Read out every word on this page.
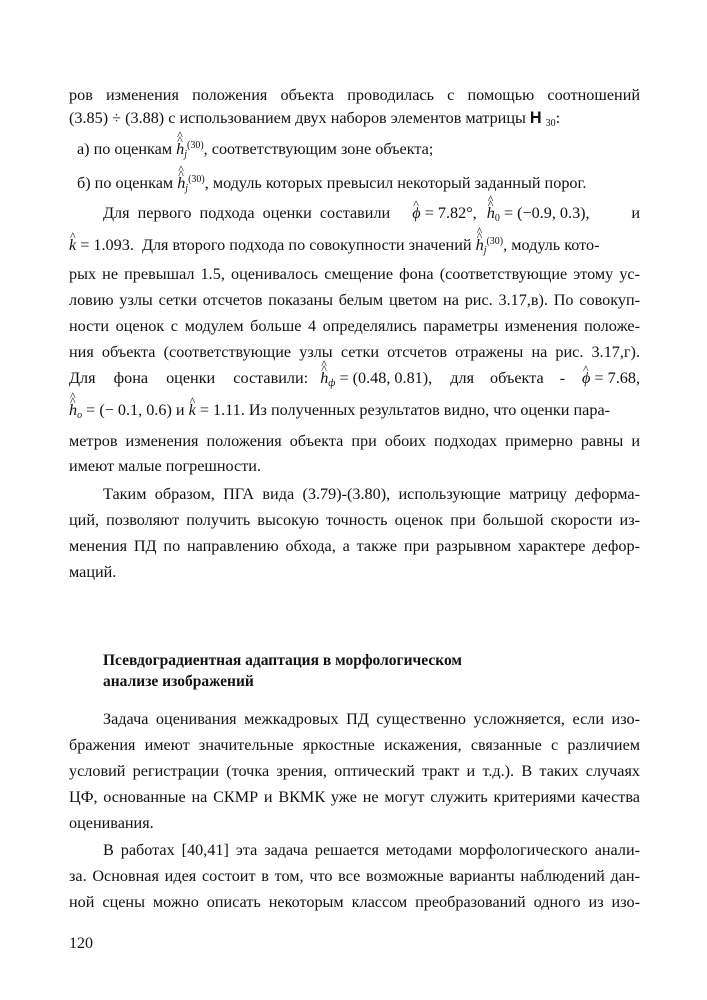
ров изменения положения объекта проводилась с помощью соотношений
(3.85) ÷ (3.88) с использованием двух наборов элементов матрицы H $_{30}$:
а) по оценкам ^ h $\^{}_j^{(30)}$, соответствующим зоне объекта;
б) по оценкам ^ h $\^{}_j^{(30)}$, модуль которых превысил некоторый заданный порог.
Для первого подхода оценки составили ^ ϕ = 7.82°, ^ h $\^{}_0 = (-0.9$, 0.3),	и
^ k = 1.093. Для второго подхода по совокупности значений ^ h $\^{}_j^{(30)}$, модуль кото-
рых не превышал 1.5, оценивалось смещение фона (соответствующие этому ус-
ловию узлы сетки отсчетов показаны белым цветом на рис. 3.17,в). По совокуп-
ности оценок с модулем больше 4 определялись параметры изменения положе-
ния объекта (соответствующие узлы сетки отсчетов отражены на рис. 3.17,г).
Для фона оценки составили: ^ h $\^{}_ф = (0.48$, 0.81), для объекта - ^ ϕ = 7.68,
^ h $\^{}_о$ = (− 0.1, 0.6) и ^ k = 1.11. Из полученных результатов видно, что оценки пара-
метров изменения положения объекта при обоих подходах примерно равны и
имеют малые погрешности.
Таким образом, ПГА вида (3.79)-(3.80), использующие матрицу деформа-
ций, позволяют получить высокую точность оценок при большой скорости из-
менения ПД по направлению обхода, а также при разрывном характере дефор-
маций.
Псевдоградиентная адаптация в морфологическом
анализе изображений
Задача оценивания межкадровых ПД существенно усложняется, если изо-
бражения имеют значительные яркостные искажения, связанные с различием
условий регистрации (точка зрения, оптический тракт и т.д.). В таких случаях
ЦФ, основанные на СКМР и ВКМК уже не могут служить критериями качества
оценивания.
В работах [40,41] эта задача решается методами морфологического анали-
за. Основная идея состоит в том, что все возможные варианты наблюдений дан-
ной сцены можно описать некоторым классом преобразований одного из изо-
120
